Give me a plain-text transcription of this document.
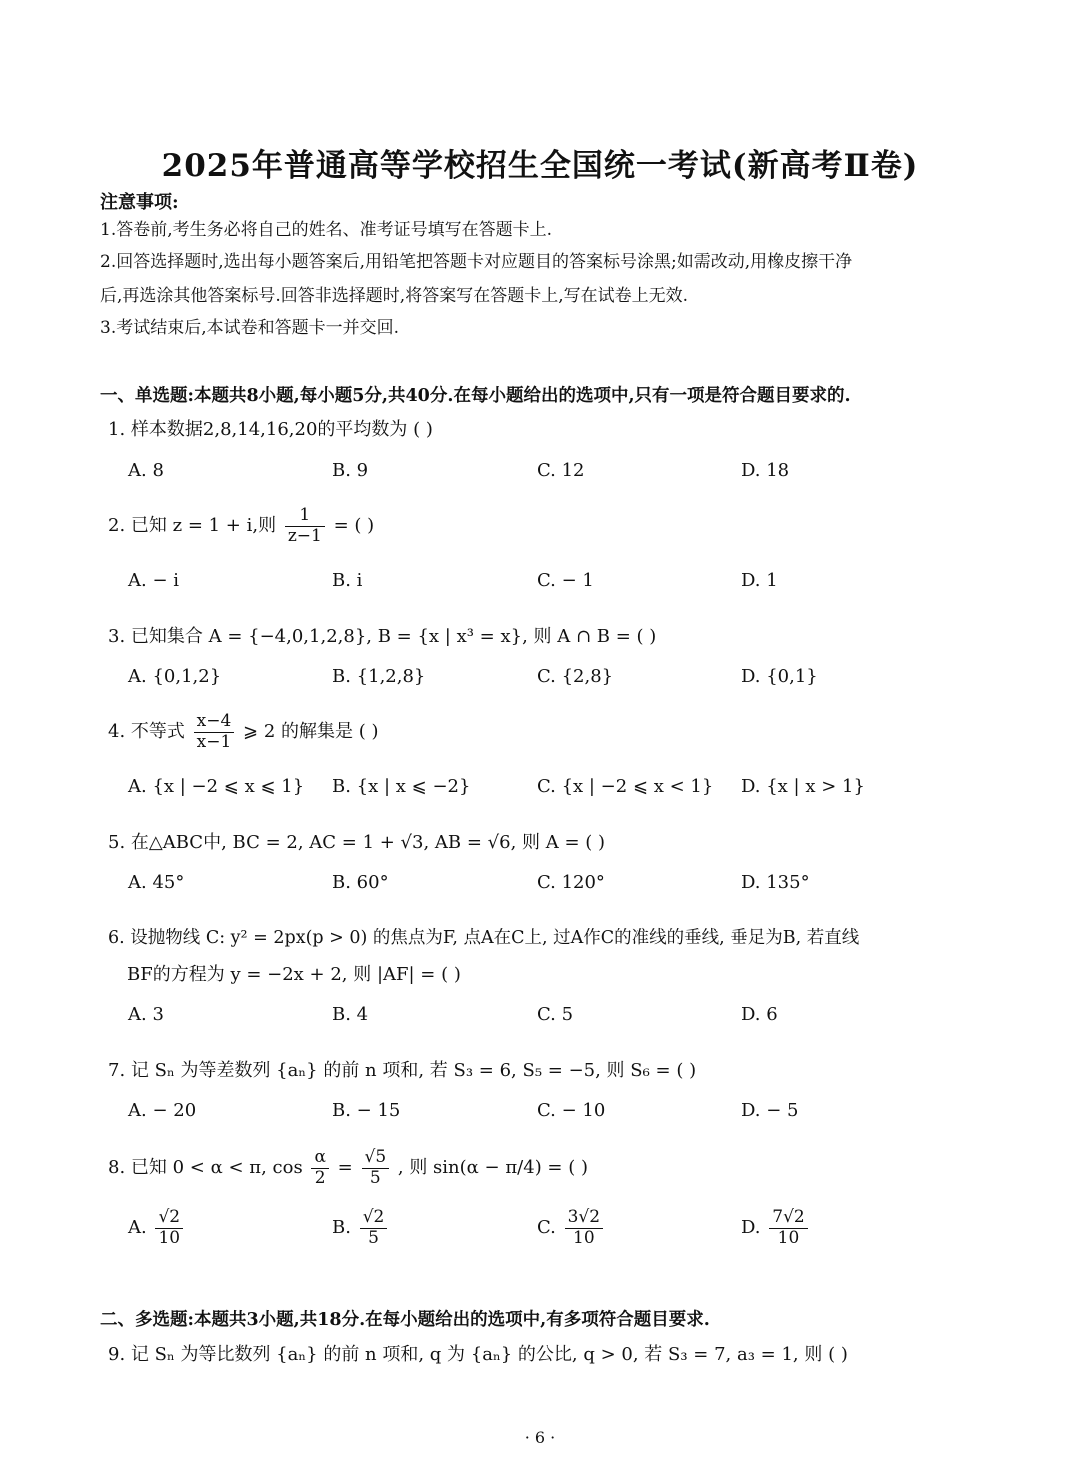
2025年普通高等学校招生全国统一考试(新高考Ⅱ卷)
注意事项:
1.答卷前,考生务必将自己的姓名、准考证号填写在答题卡上.
2.回答选择题时,选出每小题答案后,用铅笔把答题卡对应题目的答案标号涂黑;如需改动,用橡皮擦干净
后,再选涂其他答案标号.回答非选择题时,将答案写在答题卡上,写在试卷上无效.
3.考试结束后,本试卷和答题卡一并交回.
一、单选题:本题共8小题,每小题5分,共40分.在每小题给出的选项中,只有一项是符合题目要求的.
1. 样本数据2,8,14,16,20的平均数为 ( )
A. 8	B. 9	C. 12	D. 18
2. 已知 z = 1 + i,则 $\frac{1}{z-1}$ = ( )
A. − i	B. i	C. − 1	D. 1
3. 已知集合 A = {−4,0,1,2,8}, B = {x | x³ = x}, 则 A ∩ B = ( )
A. {0,1,2}	B. {1,2,8}	C. {2,8}	D. {0,1}
4. 不等式 $\frac{x-4}{x-1}$ ⩾ 2 的解集是 ( )
A. {x | −2 ⩽ x ⩽ 1} B. {x | x ⩽ −2}	C. {x | −2 ⩽ x < 1} D. {x | x > 1}
5. 在△ABC中, BC = 2, AC = 1 + √3, AB = √6, 则 A = ( )
A. 45°	B. 60°	C. 120°	D. 135°
6. 设抛物线 C: y² = 2px(p > 0) 的焦点为F, 点A在C上, 过A作C的准线的垂线, 垂足为B, 若直线
BF的方程为 y = −2x + 2, 则 |AF| = ( )
A. 3	B. 4	C. 5	D. 6
7. 记 Sₙ 为等差数列 {aₙ} 的前 n 项和, 若 S₃ = 6, S₅ = −5, 则 S₆ = ( )
A. − 20	B. − 15	C. − 10	D. − 5
8. 已知 0 < α < π, $\cos \frac{\alpha}{2} = \frac{√5}{5}$ , 则 sin(α − π/4) = ( )
A. $\frac{√2}{10}$	B. $\frac{√2}{5}$	C. $\frac{3√2}{10}$	D. $\frac{7√2}{10}$
二、多选题:本题共3小题,共18分.在每小题给出的选项中,有多项符合题目要求.
9. 记 Sₙ 为等比数列 {aₙ} 的前 n 项和, q 为 {aₙ} 的公比, q > 0, 若 S₃ = 7, a₃ = 1, 则 ( )
· 6 ·
